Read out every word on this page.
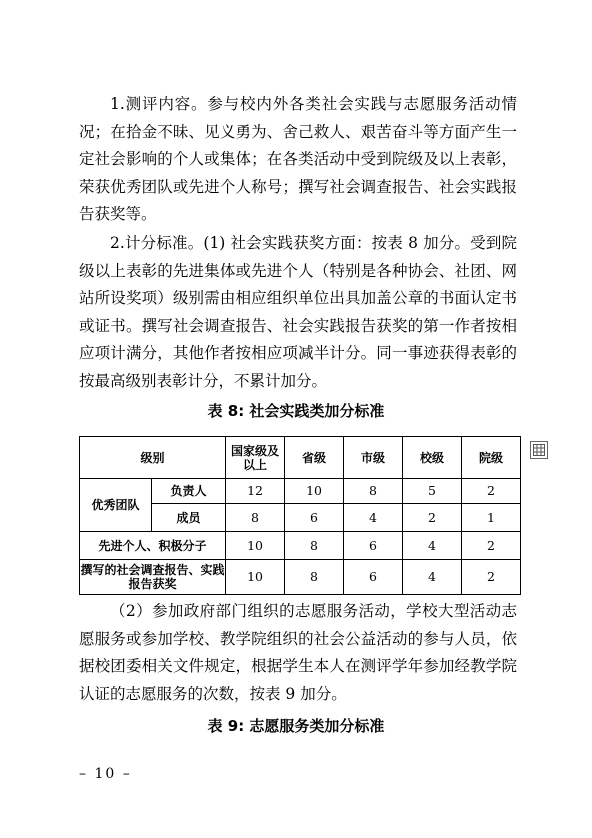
1.测评内容。参与校内外各类社会实践与志愿服务活动情况；在拾金不昧、见义勇为、舍己救人、艰苦奋斗等方面产生一定社会影响的个人或集体；在各类活动中受到院级及以上表彰，荣获优秀团队或先进个人称号；撰写社会调查报告、社会实践报告获奖等。

2.计分标准。(1) 社会实践获奖方面：按表 8 加分。受到院级以上表彰的先进集体或先进个人（特别是各种协会、社团、网站所设奖项）级别需由相应组织单位出具加盖公章的书面认定书或证书。撰写社会调查报告、社会实践报告获奖的第一作者按相应项计满分，其他作者按相应项减半计分。同一事迹获得表彰的按最高级别表彰计分，不累计加分。

表 8: 社会实践类加分标准
级别		国家级及以上	省级	市级	校级	院级
优秀团队	负责人	12	10	8	5	2
	成员	8	6	4	2	1
先进个人、积极分子		10	8	6	4	2
撰写的社会调查报告、实践报告获奖		10	8	6	4	2

（2）参加政府部门组织的志愿服务活动，学校大型活动志愿服务或参加学校、教学院组织的社会公益活动的参与人员，依据校团委相关文件规定，根据学生本人在测评学年参加经教学院认证的志愿服务的次数，按表 9 加分。

表 9: 志愿服务类加分标准
– 10 –
